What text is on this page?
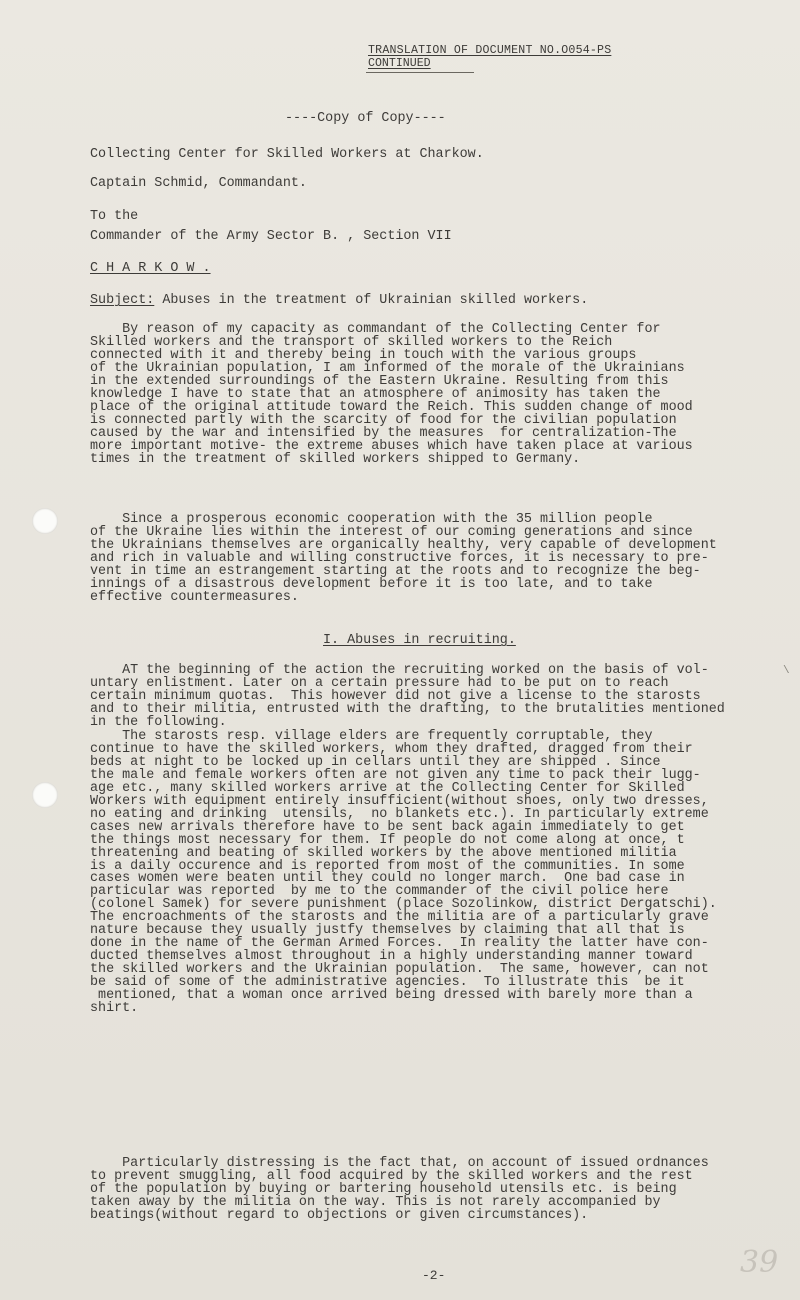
TRANSLATION OF DOCUMENT NO.O054-PS
CONTINUED
----Copy of Copy----
Collecting Center for Skilled Workers at Charkow.
Captain Schmid, Commandant.
To the
Commander of the Army Sector B. , Section VII
C H A R K O W .
Subject: Abuses in the treatment of Ukrainian skilled workers.
By reason of my capacity as commandant of the Collecting Center for
Skilled workers and the transport of skilled workers to the Reich
connected with it and thereby being in touch with the various groups
of the Ukrainian population, I am informed of the morale of the Ukrainians
in the extended surroundings of the Eastern Ukraine. Resulting from this
knowledge I have to state that an atmosphere of animosity has taken the
place of the original attitude toward the Reich. This sudden change of mood
is connected partly with the scarcity of food for the civilian population
caused by the war and intensified by the measures  for centralization-The
more important motive- the extreme abuses which have taken place at various
times in the treatment of skilled workers shipped to Germany.
Since a prosperous economic cooperation with the 35 million people
of the Ukraine lies within the interest of our coming generations and since
the Ukrainians themselves are organically healthy, very capable of development
and rich in valuable and willing constructive forces, it is necessary to pre-
vent in time an estrangement starting at the roots and to recognize the beg-
innings of a disastrous development before it is too late, and to take
effective countermeasures.
I. Abuses in recruiting.
AT the beginning of the action the recruiting worked on the basis of vol-
untary enlistment. Later on a certain pressure had to be put on to reach
certain minimum quotas.  This however did not give a license to the starosts
and to their militia, entrusted with the drafting, to the brutalities mentioned
in the following.
The starosts resp. village elders are frequently corruptable, they
continue to have the skilled workers, whom they drafted, dragged from their
beds at night to be locked up in cellars until they are shipped . Since
the male and female workers often are not given any time to pack their lugg-
age etc., many skilled workers arrive at the Collecting Center for Skilled
Workers with equipment entirely insufficient(without shoes, only two dresses,
no eating and drinking  utensils,  no blankets etc.). In particularly extreme
cases new arrivals therefore have to be sent back again immediately to get
the things most necessary for them. If people do not come along at once, t
threatening and beating of skilled workers by the above mentioned militia
is a daily occurence and is reported from most of the communities. In some
cases women were beaten until they could no longer march.  One bad case in
particular was reported  by me to the commander of the civil police here
(colonel Samek) for severe punishment (place Sozolinkow, district Dergatschi).
The encroachments of the starosts and the militia are of a particularly grave
nature because they usually justfy themselves by claiming that all that is
done in the name of the German Armed Forces.  In reality the latter have con-
ducted themselves almost throughout in a highly understanding manner toward
the skilled workers and the Ukrainian population.  The same, however, can not
be said of some of the administrative agencies.  To illustrate this  be it
mentioned, that a woman once arrived being dressed with barely more than a
shirt.
Particularly distressing is the fact that, on account of issued ordnances
to prevent smuggling, all food acquired by the skilled workers and the rest
of the population by buying or bartering household utensils etc. is being
taken away by the militia on the way. This is not rarely accompanied by
beatings(without regard to objections or given circumstances).
-2-	39
\
